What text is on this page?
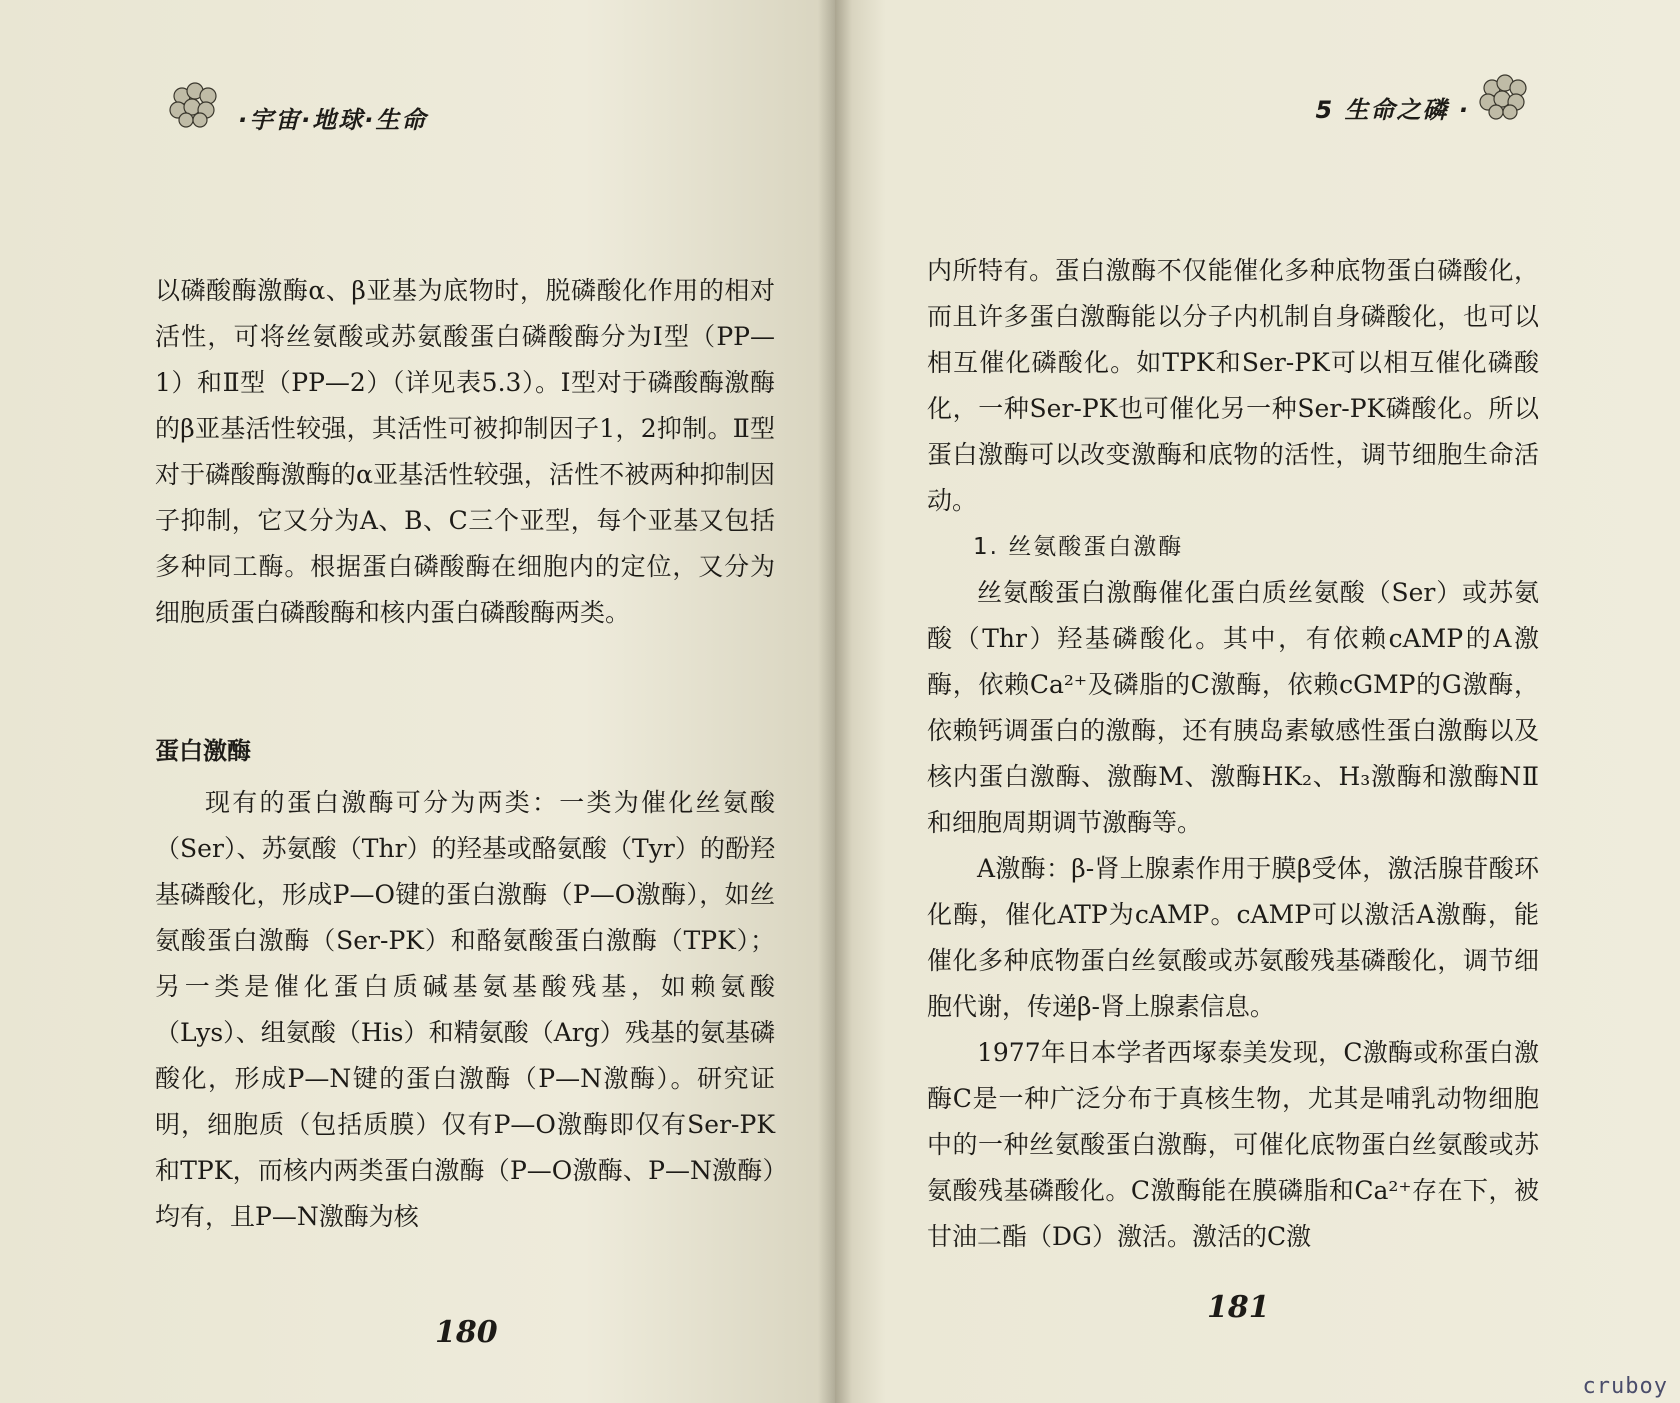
·宇宙·地球·生命

以磷酸酶激酶α、β亚基为底物时，脱磷酸化作用的相对活性，可将丝氨酸或苏氨酸蛋白磷酸酶分为Ⅰ型（PP—1）和Ⅱ型（PP—2）（详见表5.3）。Ⅰ型对于磷酸酶激酶的β亚基活性较强，其活性可被抑制因子1，2抑制。Ⅱ型对于磷酸酶激酶的α亚基活性较强，活性不被两种抑制因子抑制，它又分为A、B、C三个亚型，每个亚基又包括多种同工酶。根据蛋白磷酸酶在细胞内的定位，又分为细胞质蛋白磷酸酶和核内蛋白磷酸酶两类。

蛋白激酶

现有的蛋白激酶可分为两类：一类为催化丝氨酸（Ser）、苏氨酸（Thr）的羟基或酪氨酸（Tyr）的酚羟基磷酸化，形成P—O键的蛋白激酶（P—O激酶），如丝氨酸蛋白激酶（Ser-PK）和酪氨酸蛋白激酶（TPK）；另一类是催化蛋白质碱基氨基酸残基，如赖氨酸（Lys）、组氨酸（His）和精氨酸（Arg）残基的氨基磷酸化，形成P—N键的蛋白激酶（P—N激酶）。研究证明，细胞质（包括质膜）仅有P—O激酶即仅有Ser-PK和TPK，而核内两类蛋白激酶（P—O激酶、P—N激酶）均有，且P—N激酶为核

180
5 生命之磷 ·

内所特有。蛋白激酶不仅能催化多种底物蛋白磷酸化，而且许多蛋白激酶能以分子内机制自身磷酸化，也可以相互催化磷酸化。如TPK和Ser-PK可以相互催化磷酸化，一种Ser-PK也可催化另一种Ser-PK磷酸化。所以蛋白激酶可以改变激酶和底物的活性，调节细胞生命活动。

1. 丝氨酸蛋白激酶

丝氨酸蛋白激酶催化蛋白质丝氨酸（Ser）或苏氨酸（Thr）羟基磷酸化。其中，有依赖cAMP的A激酶，依赖Ca²⁺及磷脂的C激酶，依赖cGMP的G激酶，依赖钙调蛋白的激酶，还有胰岛素敏感性蛋白激酶以及核内蛋白激酶、激酶M、激酶HK₂、H₃激酶和激酶NⅡ和细胞周期调节激酶等。

A激酶：β-肾上腺素作用于膜β受体，激活腺苷酸环化酶，催化ATP为cAMP。cAMP可以激活A激酶，能催化多种底物蛋白丝氨酸或苏氨酸残基磷酸化，调节细胞代谢，传递β-肾上腺素信息。

1977年日本学者西塚泰美发现，C激酶或称蛋白激酶C是一种广泛分布于真核生物，尤其是哺乳动物细胞中的一种丝氨酸蛋白激酶，可催化底物蛋白丝氨酸或苏氨酸残基磷酸化。C激酶能在膜磷脂和Ca²⁺存在下，被甘油二酯（DG）激活。激活的C激

181
cruboy
